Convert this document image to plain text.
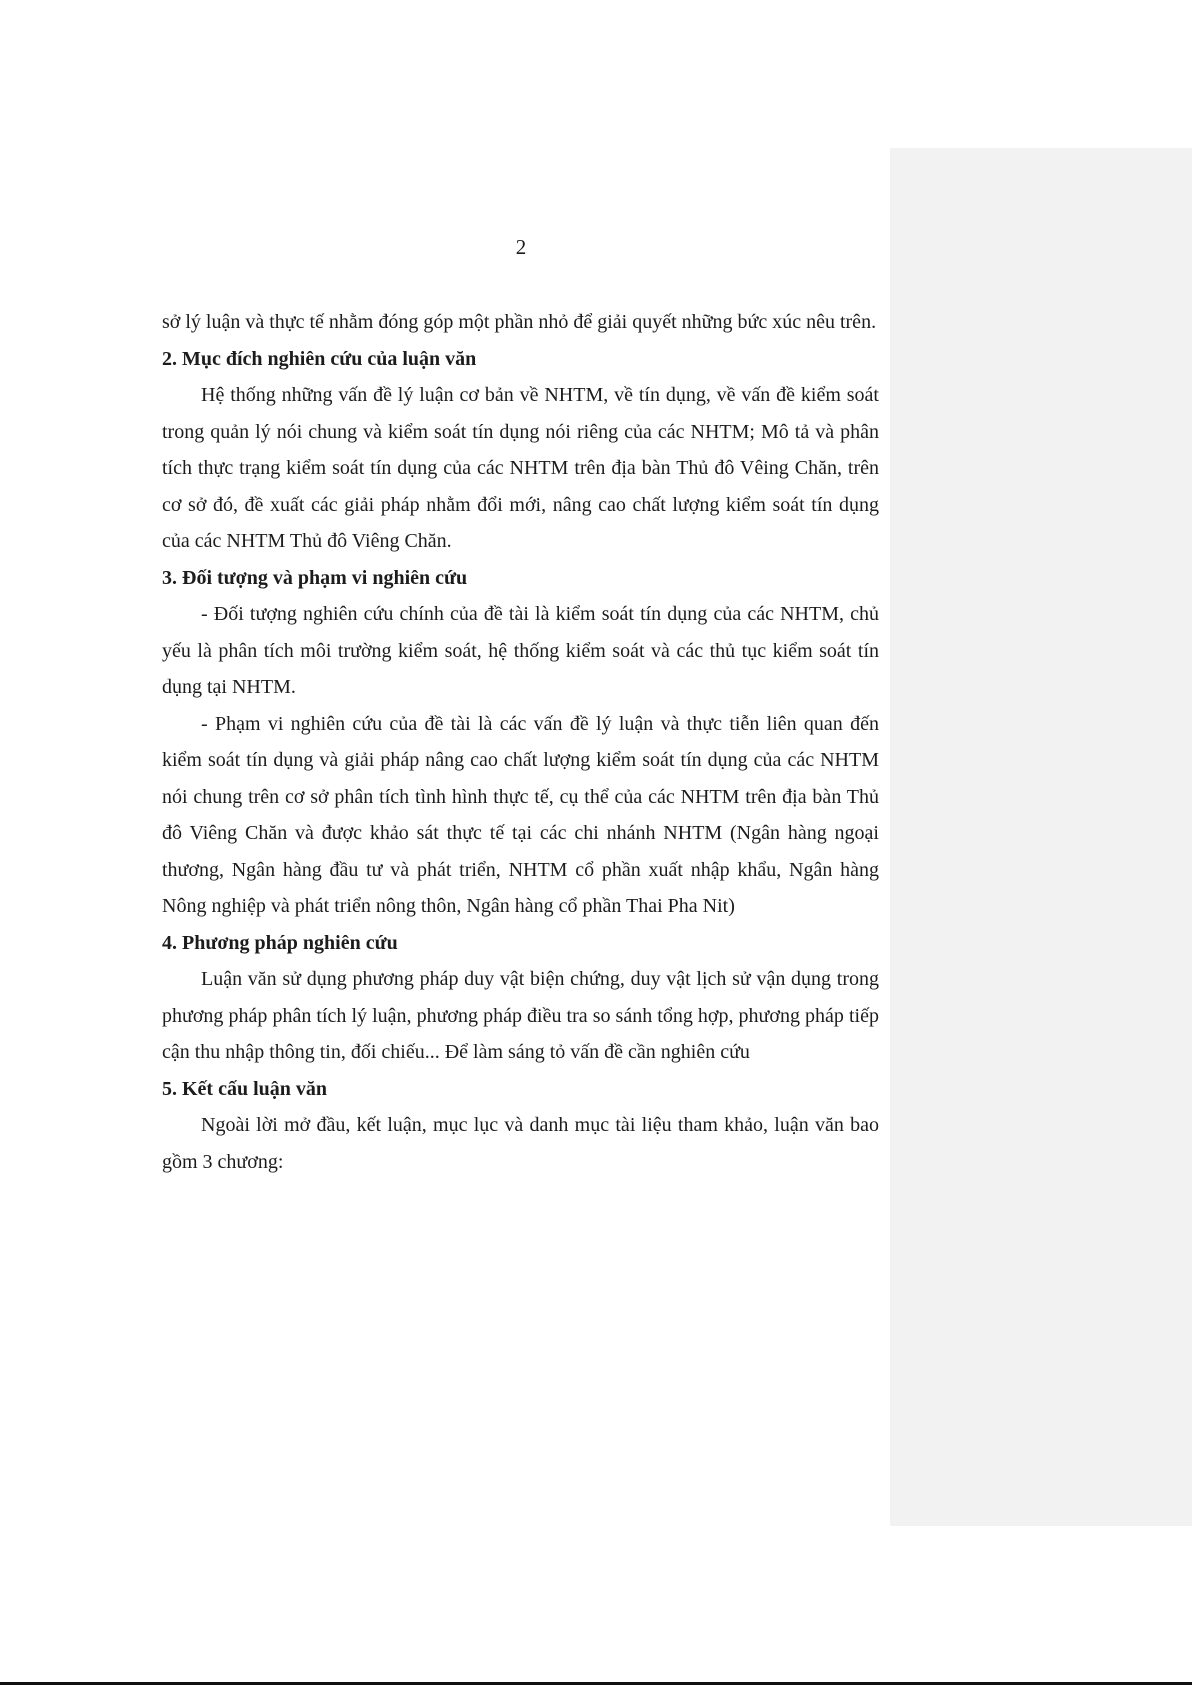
2

sở lý luận và thực tế nhằm đóng góp một phần nhỏ để giải quyết những bức xúc nêu trên.

2. Mục đích nghiên cứu của luận văn

Hệ thống những vấn đề lý luận cơ bản về NHTM, về tín dụng, về vấn đề kiểm soát trong quản lý nói chung và kiểm soát tín dụng nói riêng của các NHTM; Mô tả và phân tích thực trạng kiểm soát tín dụng của các NHTM trên địa bàn Thủ đô Vêing Chăn, trên cơ sở đó, đề xuất các giải pháp nhằm đổi mới, nâng cao chất lượng kiểm soát tín dụng của các NHTM Thủ đô Viêng Chăn.

3. Đối tượng và phạm vi nghiên cứu

- Đối tượng nghiên cứu chính của đề tài là kiểm soát tín dụng của các NHTM, chủ yếu là phân tích môi trường kiểm soát, hệ thống kiểm soát và các thủ tục kiểm soát tín dụng tại NHTM.

- Phạm vi nghiên cứu của đề tài là các vấn đề lý luận và thực tiễn liên quan đến kiểm soát tín dụng và giải pháp nâng cao chất lượng kiểm soát tín dụng của các NHTM nói chung trên cơ sở phân tích tình hình thực tế, cụ thể của các NHTM trên địa bàn Thủ đô Viêng Chăn và được khảo sát thực tế tại các chi nhánh NHTM (Ngân hàng ngoại thương, Ngân hàng đầu tư và phát triển, NHTM cổ phần xuất nhập khẩu, Ngân hàng Nông nghiệp và phát triển nông thôn, Ngân hàng cổ phần Thai Pha Nit)

4. Phương pháp nghiên cứu

Luận văn sử dụng phương pháp duy vật biện chứng, duy vật lịch sử vận dụng trong phương pháp phân tích lý luận, phương pháp điều tra so sánh tổng hợp, phương pháp tiếp cận thu nhập thông tin, đối chiếu... Để làm sáng tỏ vấn đề cần nghiên cứu

5. Kết cấu luận văn

Ngoài lời mở đầu, kết luận, mục lục và danh mục tài liệu tham khảo, luận văn bao gồm 3 chương:
